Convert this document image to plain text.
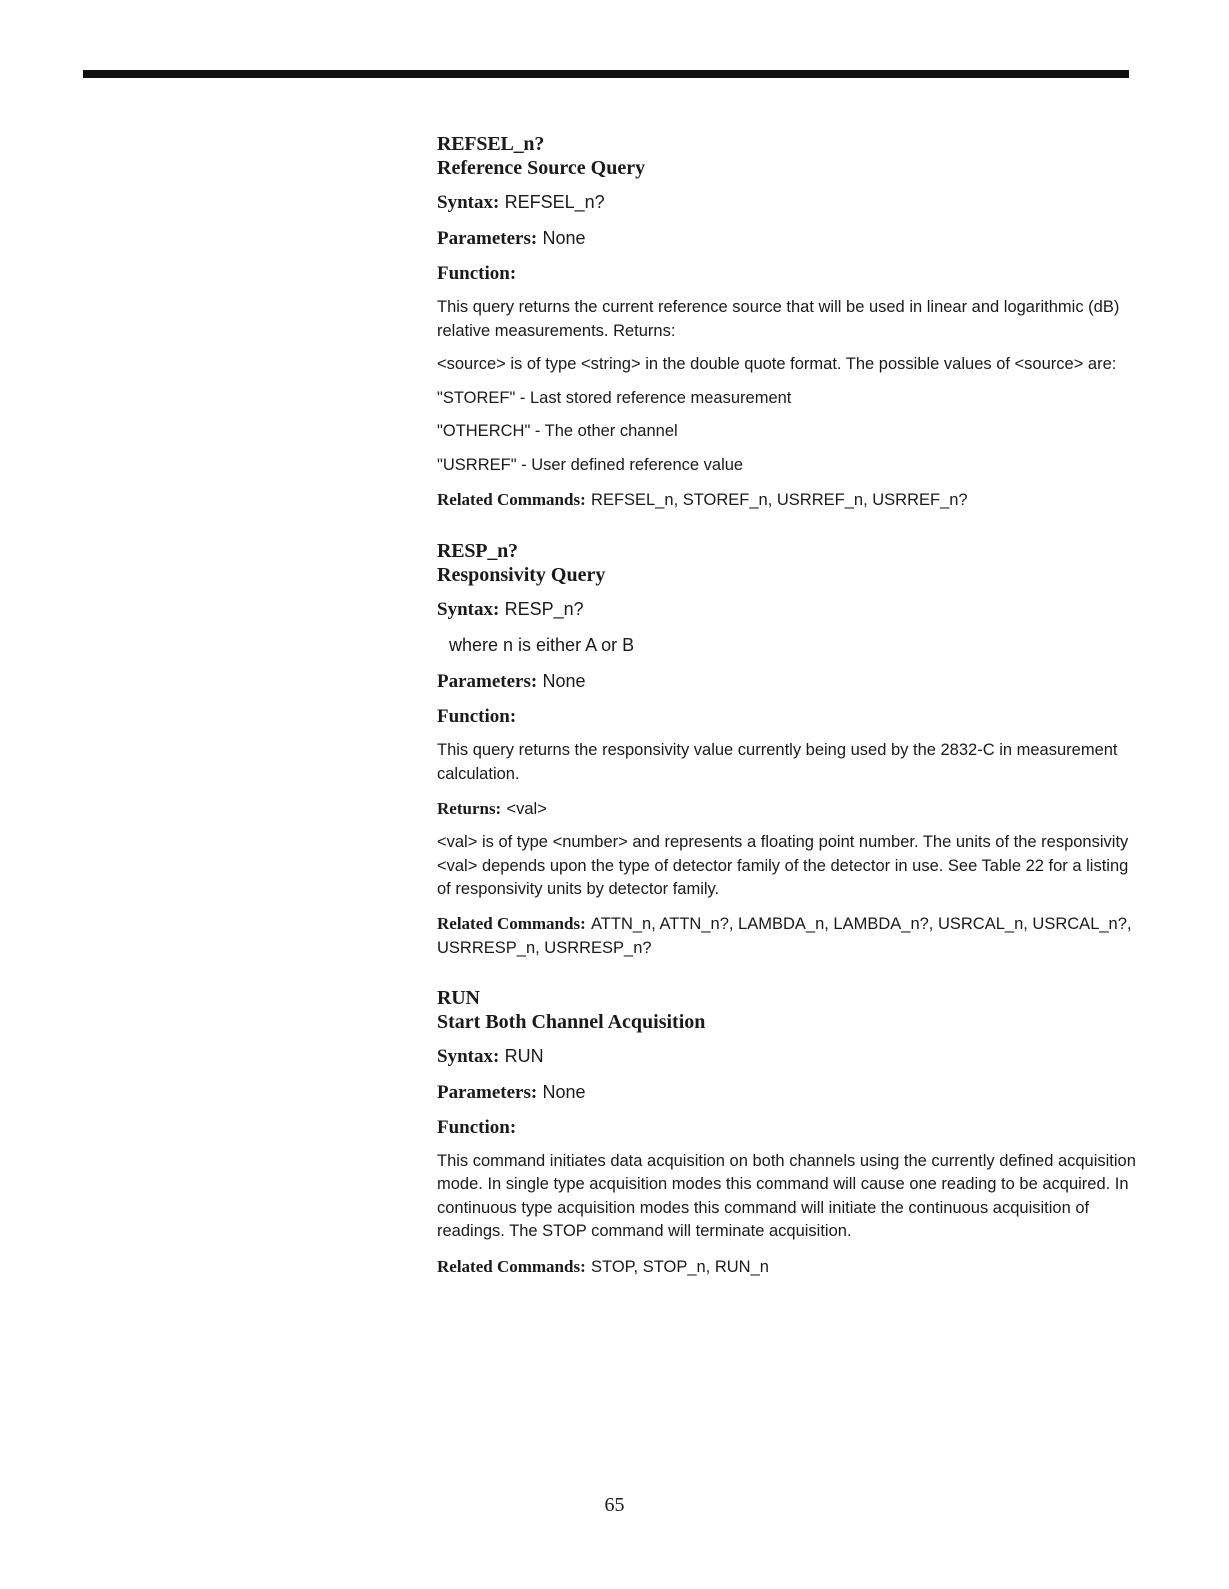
REFSEL_n?
Reference Source Query
Syntax: REFSEL_n?
Parameters: None
Function:

This query returns the current reference source that will be used in linear and logarithmic (dB) relative measurements. Returns:

<source> is of type <string> in the double quote format. The possible values of <source> are:

"STOREF" - Last stored reference measurement

"OTHERCH" - The other channel

"USRREF" - User defined reference value

Related Commands: REFSEL_n, STOREF_n, USRREF_n, USRREF_n?
RESP_n?
Responsivity Query
Syntax: RESP_n?
where n is either A or B
Parameters: None
Function:

This query returns the responsivity value currently being used by the 2832-C in measurement calculation.

Returns: <val>

<val> is of type <number> and represents a floating point number. The units of the responsivity <val> depends upon the type of detector family of the detector in use. See Table 22 for a listing of responsivity units by detector family.

Related Commands: ATTN_n, ATTN_n?, LAMBDA_n, LAMBDA_n?, USRCAL_n, USRCAL_n?, USRRESP_n, USRRESP_n?
RUN
Start Both Channel Acquisition
Syntax: RUN
Parameters: None
Function:

This command initiates data acquisition on both channels using the currently defined acquisition mode. In single type acquisition modes this command will cause one reading to be acquired. In continuous type acquisition modes this command will initiate the continuous acquisition of readings. The STOP command will terminate acquisition.

Related Commands: STOP, STOP_n, RUN_n
65
